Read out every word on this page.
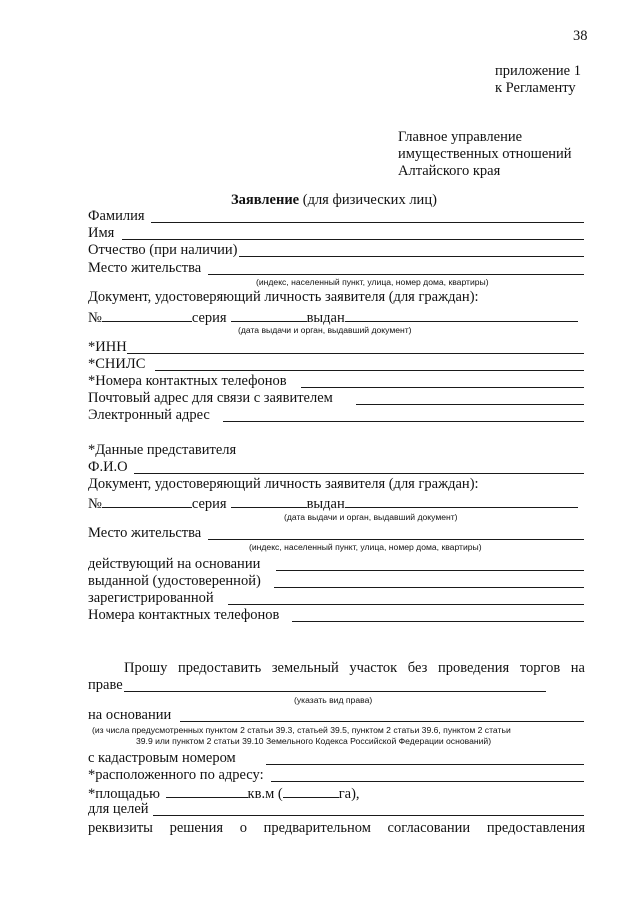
38
приложение 1
к Регламенту
Главное управление
имущественных отношений
Алтайского края
Заявление (для физических лиц)
Фамилия
Имя
Отчество (при наличии)
Место жительства
(индекс, населенный пункт, улица, номер дома, квартиры)
Документ, удостоверяющий личность заявителя (для граждан):
№	серия	выдан
(дата выдачи и орган, выдавший документ)
*ИНН
*СНИЛС
*Номера контактных телефонов
Почтовый адрес для связи с заявителем
Электронный адрес
*Данные представителя
Ф.И.О
Документ, удостоверяющий личность заявителя (для граждан):
№	серия	выдан
(дата выдачи и орган, выдавший документ)
Место жительства
(индекс, населенный пункт, улица, номер дома, квартиры)
действующий на основании
выданной (удостоверенной)
зарегистрированной
Номера контактных телефонов
Прошу предоставить земельный участок без проведения торгов на
праве
(указать вид права)
на основании
(из числа предусмотренных пунктом 2 статьи 39.3, статьей 39.5, пунктом 2 статьи 39.6, пунктом 2 статьи
39.9 или пунктом 2 статьи 39.10 Земельного Кодекса Российской Федерации оснований)
с кадастровым номером
*расположенного по адресу:
*площадью	кв.м (	га),
для целей
реквизиты решения о предварительном согласовании предоставления
